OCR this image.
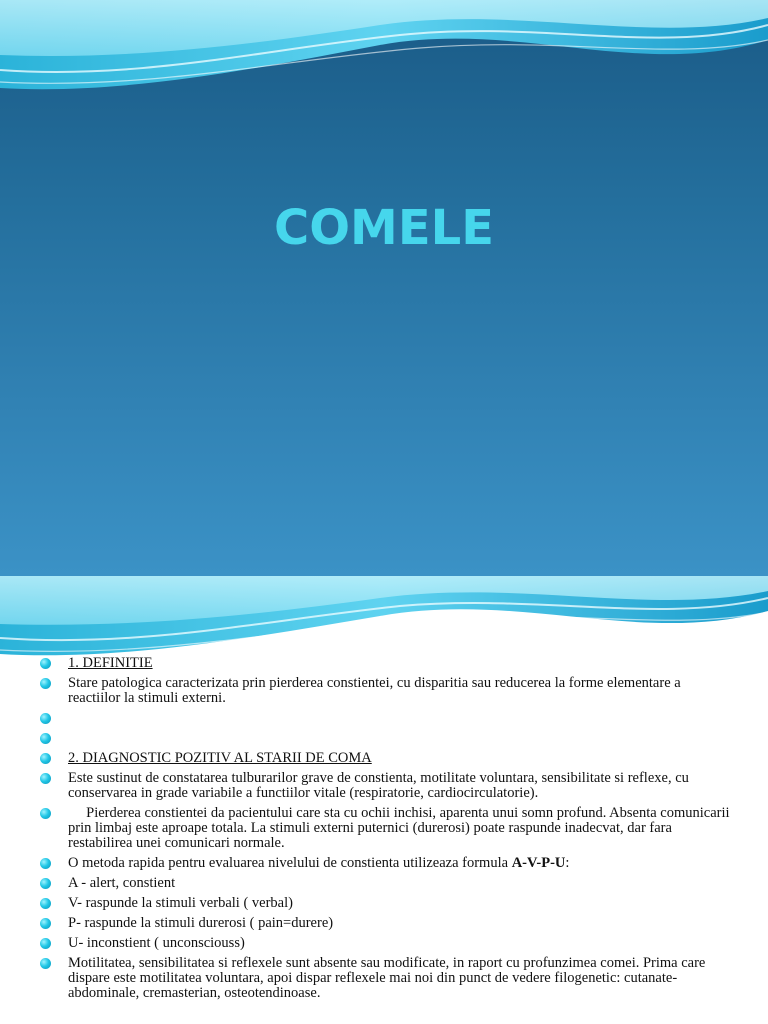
COMELE
1. DEFINITIE
Stare patologica caracterizata prin pierderea constientei, cu disparitia sau reducerea la forme elementare a reactiilor la stimuli externi.
2. DIAGNOSTIC POZITIV AL STARII DE COMA
Este sustinut de constatarea tulburarilor grave de constienta, motilitate voluntara, sensibilitate si reflexe, cu conservarea in grade variabile a functiilor vitale (respiratorie, cardiocirculatorie).
Pierderea constientei da pacientului care sta cu ochii inchisi, aparenta unui somn profund. Absenta comunicarii prin limbaj este aproape totala. La stimuli externi puternici (durerosi) poate raspunde inadecvat, dar fara restabilirea unei comunicari normale.
O metoda rapida pentru evaluarea nivelului de constienta utilizeaza formula A-V-P-U:
A - alert, constient
V- raspunde la stimuli verbali ( verbal)
P- raspunde la stimuli durerosi ( pain=durere)
U- inconstient ( unconsciouss)
Motilitatea, sensibilitatea si reflexele sunt absente sau modificate, in raport cu profunzimea comei. Prima care dispare este motilitatea voluntara, apoi dispar reflexele mai noi din punct de vedere filogenetic: cutanate-abdominale, cremasterian, osteotendinoase.
